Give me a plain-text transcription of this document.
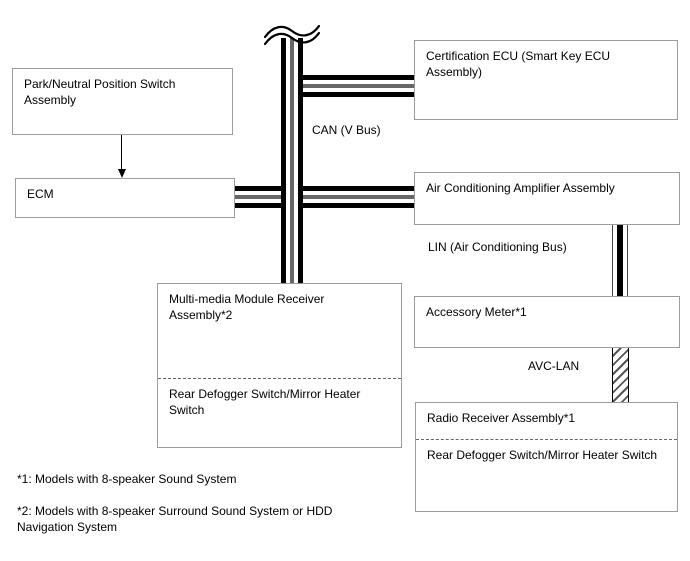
Park/Neutral Position Switch Assembly
ECM
Certification ECU (Smart Key ECU Assembly)
Air Conditioning Amplifier Assembly
Multi-media Module Receiver Assembly*2
Rear Defogger Switch/Mirror Heater Switch
Accessory Meter*1
Radio Receiver Assembly*1
Rear Defogger Switch/Mirror Heater Switch
CAN (V Bus)
LIN (Air Conditioning Bus)
AVC-LAN
*1: Models with 8-speaker Sound System
*2: Models with 8-speaker Surround Sound System or HDD Navigation System
